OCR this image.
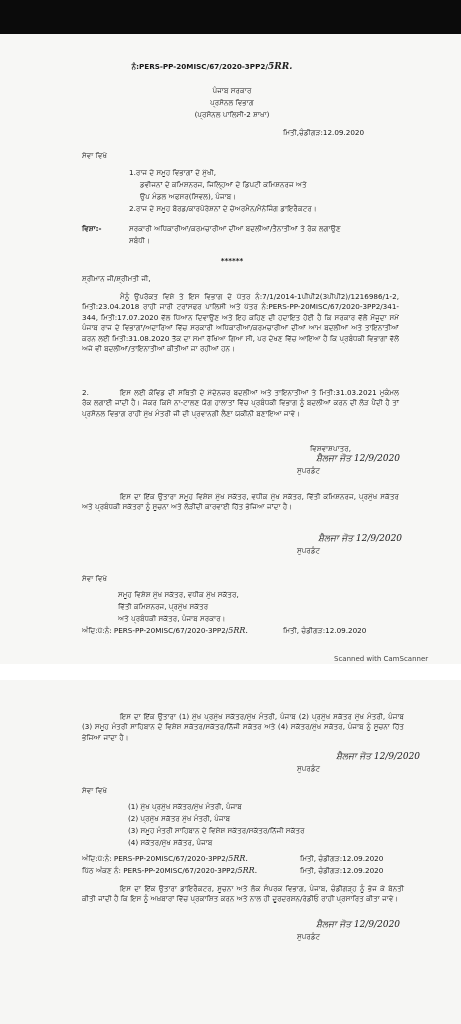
ਨੰ:PERS-PP-20MISC/67/2020-3PP2/5RR.
ਪੰਜਾਬ ਸਰਕਾਰ
ਪ੍ਰਸੋਨਲ ਵਿਭਾਗ
(ਪ੍ਰਸੋਨਲ ਪਾਲਿਸੀ-2 ਸ਼ਾਖਾ)
ਮਿਤੀ,ਚੰਡੀਗੜ:12.09.2020
ਸੇਵਾ ਵਿਖੇ
1.ਰਾਜ ਦੇ ਸਮੂਹ ਵਿਭਾਗਾਂ ਦੇ ਮੁੱਖੀ,
ਡਵੀਜਨਾਂ ਦੇ ਕਮਿਸ਼ਨਰਜ, ਜਿਲ੍ਹਿਆਂ ਦੇ ਡਿਪਟੀ ਕਮਿਸ਼ਨਰਜ ਅਤੇ
ਉਪ ਮੰਡਲ ਅਫਸਰ(ਸਿਵਲ), ਪੰਜਾਬ।
2.ਰਾਜ ਦੇ ਸਮੂਹ ਬੋਰਡ/ਕਾਰਪੋਰੇਸ਼ਨਾਂ ਦੇ ਚੇਅਰਮੈਨ/ਮੈਨੇਜਿੰਗ ਡਾਇਰੈਕਟਰ।
ਵਿਸ਼ਾ:-	ਸਰਕਾਰੀ ਅਧਿਕਾਰੀਆਂ/ਕਰਮਚਾਰੀਆਂ ਦੀਆਂ ਬਦਲੀਆਂ/ਤੈਨਾਤੀਆਂ ਤੇ ਰੋਕ ਲਗਾਉਣ
ਸਬੰਧੀ।
******
ਸ਼੍ਰੀਮਾਨ ਜੀ/ਸ਼੍ਰੀਮਤੀ ਜੀ,
ਮੈਨੂੰ ਉਪਰੋਕਤ ਵਿਸ਼ੇ ਤੇ ਇਸ ਵਿਭਾਗ ਦੇ ਪੱਤਰ ਨੰ:7/1/2014-1ਪੀਪੀ2(3ਪੀਪੀ2)/1216986/1-2, ਮਿਤੀ:23.04.2018 ਰਾਹੀਂ ਜਾਰੀ ਟਰਾਂਸਫਰ ਪਾਲਿਸੀ ਅਤੇ ਪੱਤਰ ਨੰ:PERS-PP-20MISC/67/2020-3PP2/341-344, ਮਿਤੀ:17.07.2020 ਵੱਲ ਧਿਆਨ ਦਿਵਾਉਣ ਅਤੇ ਇਹ ਕਹਿਣ ਦੀ ਹਦਾਇਤ ਹੋਈ ਹੈ ਕਿ ਸਰਕਾਰ ਵੱਲੋਂ ਮੌਜੂਦਾ ਸਮੇਂ ਪੰਜਾਬ ਰਾਜ ਦੇ ਵਿਭਾਗਾਂ/ਅਦਾਰਿਆਂ ਵਿੱਚ ਸਰਕਾਰੀ ਅਧਿਕਾਰੀਆਂ/ਕਰਮਚਾਰੀਆਂ ਦੀਆਂ ਆਮ ਬਦਲੀਆਂ ਅਤੇ ਤਾਇਨਾਤੀਆਂ ਕਰਨ ਲਈ ਮਿਤੀ:31.08.2020 ਤੱਕ ਦਾ ਸਮਾਂ ਰੱਖਿਆ ਗਿਆ ਸੀ, ਪਰ ਦੇਖਣ ਵਿੱਚ ਆਇਆ ਹੈ ਕਿ ਪ੍ਰਬੰਧਕੀ ਵਿਭਾਗਾਂ ਵੱਲੋਂ ਅਜੇ ਵੀ ਬਦਲੀਆਂ/ਤਾਇਨਾਤੀਆਂ ਕੀਤੀਆਂ ਜਾ ਰਹੀਆਂ ਹਨ।
2.	ਇਸ ਲਈ ਕੋਵਿਡ ਦੀ ਸਥਿਤੀ ਦੇ ਮੱਦੇਨਜ਼ਰ ਬਦਲੀਆਂ ਅਤੇ ਤਾਇਨਾਤੀਆਂ ਤੇ ਮਿਤੀ:31.03.2021 ਮੁਕੰਮਲ ਰੋਕ ਲਗਾਈ ਜਾਂਦੀ ਹੈ। ਜੇਕਰ ਕਿਸੇ ਨਾ-ਟਾਲਣ ਯੋਗ ਹਾਲਾਤਾਂ ਵਿੱਚ ਪ੍ਰਬੰਧਕੀ ਵਿਭਾਗ ਨੂੰ ਬਦਲੀਆਂ ਕਰਨ ਦੀ ਲੋੜ ਪੈਂਦੀ ਹੈ ਤਾਂ ਪ੍ਰਸੋਨਲ ਵਿਭਾਗ ਰਾਹੀਂ ਮੁੱਖ ਮੰਤਰੀ ਜੀ ਦੀ ਪ੍ਰਵਾਨਗੀ ਲੈਣਾ ਯਕੀਨੀ ਬਣਾਇਆ ਜਾਵੇ।
ਵਿਸ਼ਵਾਸ਼ਪਾਤਰ,
ਸ਼ੈਲਜਾ ਜੋਤ 12/9/2020
ਸੁਪਰਡੰਟ
ਇਸ ਦਾ ਇੱਕ ਉਤਾਰਾ ਸਮੂਹ ਵਿਸ਼ੇਸ਼ ਮੁੱਖ ਸਕੱਤਰ, ਵਧੀਕ ਮੁੱਖ ਸਕੱਤਰ, ਵਿੱਤੀ ਕਮਿਸ਼ਨਰਜ, ਪ੍ਰਮੁੱਖ ਸਕੱਤਰ ਅਤੇ ਪ੍ਰਬੰਧਕੀ ਸਕੱਤਰਾਂ ਨੂੰ ਸੂਚਨਾ ਅਤੇ ਲੋੜੀਂਦੀ ਕਾਰਵਾਈ ਹਿੱਤ ਭੇਜਿਆ ਜਾਂਦਾ ਹੈ।
ਸ਼ੈਲਜਾ ਜੋਤ 12/9/2020
ਸੁਪਰਡੰਟ
ਸੇਵਾ ਵਿਖੇ
ਸਮੂਹ ਵਿਸ਼ੇਸ਼ ਮੁੱਖ ਸਕੱਤਰ, ਵਧੀਕ ਮੁੱਖ ਸਕੱਤਰ,
ਵਿੱਤੀ ਕਮਿਸ਼ਨਰਜ, ਪ੍ਰਮੁੱਖ ਸਕੱਤਰ
ਅਤੇ ਪ੍ਰਬੰਧਕੀ ਸਕੱਤਰ, ਪੰਜਾਬ ਸਰਕਾਰ।
ਅੰਦਿ:ਪੱ:ਨੰ: PERS-PP-20MISC/67/2020-3PP2/5RR.	ਮਿਤੀ, ਚੰਡੀਗੜ:12.09.2020
Scanned with CamScanner
ਇਸ ਦਾ ਇੱਕ ਉਤਾਰਾ (1) ਮੁੱਖ ਪ੍ਰਮੁੱਖ ਸਕੱਤਰ/ਮੁੱਖ ਮੰਤਰੀ, ਪੰਜਾਬ (2) ਪ੍ਰਮੁੱਖ ਸਕੱਤਰ ਮੁੱਖ ਮੰਤਰੀ, ਪੰਜਾਬ (3) ਸਮੂਹ ਮੰਤਰੀ ਸਾਹਿਬਾਨ ਦੇ ਵਿਸ਼ੇਸ਼ ਸਕੱਤਰ/ਸਕੱਤਰ/ਨਿੱਜੀ ਸਕੱਤਰ ਅਤੇ (4) ਸਕੱਤਰ/ਮੁੱਖ ਸਕੱਤਰ, ਪੰਜਾਬ ਨੂੰ ਸੂਚਨਾ ਹਿੱਤ ਭੇਜਿਆ ਜਾਂਦਾ ਹੈ।
ਸ਼ੈਲਜਾ ਜੋਤ 12/9/2020
ਸੁਪਰਡੰਟ
ਸੇਵਾ ਵਿਖੇ
(1) ਮੁੱਖ ਪ੍ਰਮੁੱਖ ਸਕੱਤਰ/ਮੁੱਖ ਮੰਤਰੀ, ਪੰਜਾਬ
(2) ਪ੍ਰਮੁੱਖ ਸਕੱਤਰ ਮੁੱਖ ਮੰਤਰੀ, ਪੰਜਾਬ
(3) ਸਮੂਹ ਮੰਤਰੀ ਸਾਹਿਬਾਨ ਦੇ ਵਿਸ਼ੇਸ਼ ਸਕੱਤਰ/ਸਕੱਤਰ/ਨਿੱਜੀ ਸਕੱਤਰ
(4) ਸਕੱਤਰ/ਮੁੱਖ ਸਕੱਤਰ, ਪੰਜਾਬ
ਅੰਦਿ:ਪੱ:ਨੰ: PERS-PP-20MISC/67/2020-3PP2/5RR.	ਮਿਤੀ, ਚੰਡੀਗੜ:12.09.2020
ਪਿੱਠ ਅੰਕਣ ਨੰ: PERS-PP-20MISC/67/2020-3PP2/5RR.	ਮਿਤੀ, ਚੰਡੀਗੜ:12.09.2020
ਇਸ ਦਾ ਇੱਕ ਉਤਾਰਾ ਡਾਇਰੈਕਟਰ, ਸੂਚਨਾ ਅਤੇ ਲੋਕ ਸੰਪਰਕ ਵਿਭਾਗ, ਪੰਜਾਬ, ਚੰਡੀਗੜ੍ਹ ਨੂੰ ਭੇਜ ਕੇ ਬੇਨਤੀ ਕੀਤੀ ਜਾਂਦੀ ਹੈ ਕਿ ਇਸ ਨੂੰ ਅਖ਼ਬਾਰਾਂ ਵਿੱਚ ਪ੍ਰਕਾਸ਼ਿਤ ਕਰਨ ਅਤੇ ਨਾਲ ਹੀ ਦੂਰਦਰਸ਼ਨ/ਰੇਡੀਓ ਰਾਹੀਂ ਪ੍ਰਸਾਰਿਤ ਕੀਤਾ ਜਾਵੇ।
ਸ਼ੈਲਜਾ ਜੋਤ 12/9/2020
ਸੁਪਰਡੰਟ
